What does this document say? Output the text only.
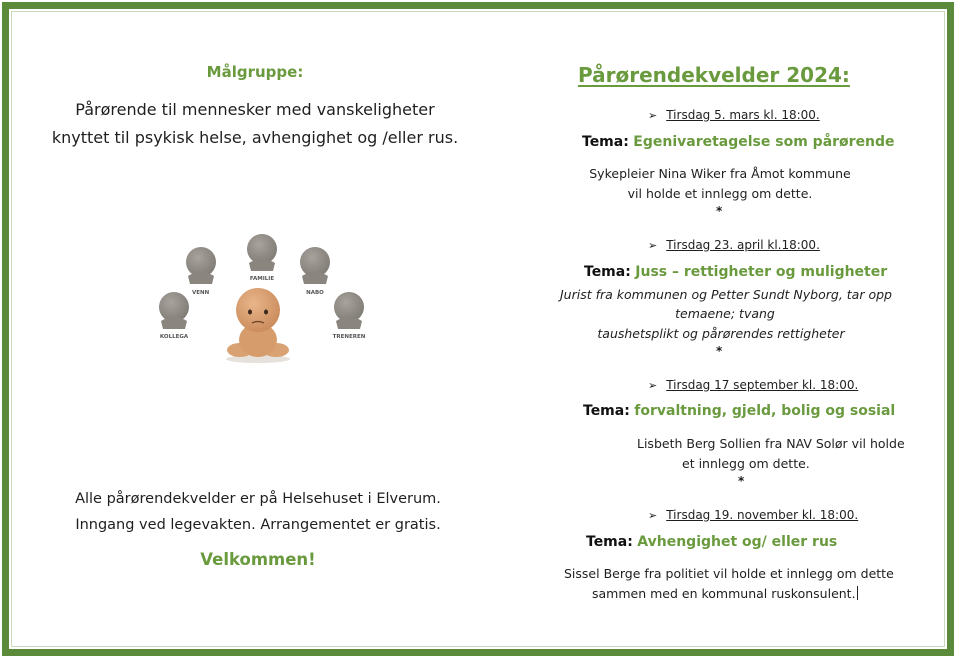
Målgruppe:
Pårørende til mennesker med vanskeligheter
knyttet til psykisk helse, avhengighet og /eller rus.
VENN
FAMILIE
NABO
KOLLEGA	TRENEREN
Alle pårørendekvelder er på Helsehuset i Elverum.
Inngang ved legevakten. Arrangementet er gratis.
Velkommen!
Pårørendekvelder 2024:
➢ Tirsdag 5. mars kl. 18:00.
Tema: Egenivaretagelse som pårørende
Sykepleier Nina Wiker fra Åmot kommune
vil holde et innlegg om dette.
*
➢ Tirsdag 23. april kl.18:00.
Tema: Juss – rettigheter og muligheter
Jurist fra kommunen og Petter Sundt Nyborg, tar opp
temaene; tvang
taushetsplikt og pårørendes rettigheter
*
➢ Tirsdag 17 september kl. 18:00.
Tema: forvaltning, gjeld, bolig og sosial
Lisbeth Berg Sollien fra NAV Solør vil holde
et innlegg om dette.
*
➢ Tirsdag 19. november kl. 18:00.
Tema: Avhengighet og/ eller rus
Sissel Berge fra politiet vil holde et innlegg om dette
sammen med en kommunal ruskonsulent.
